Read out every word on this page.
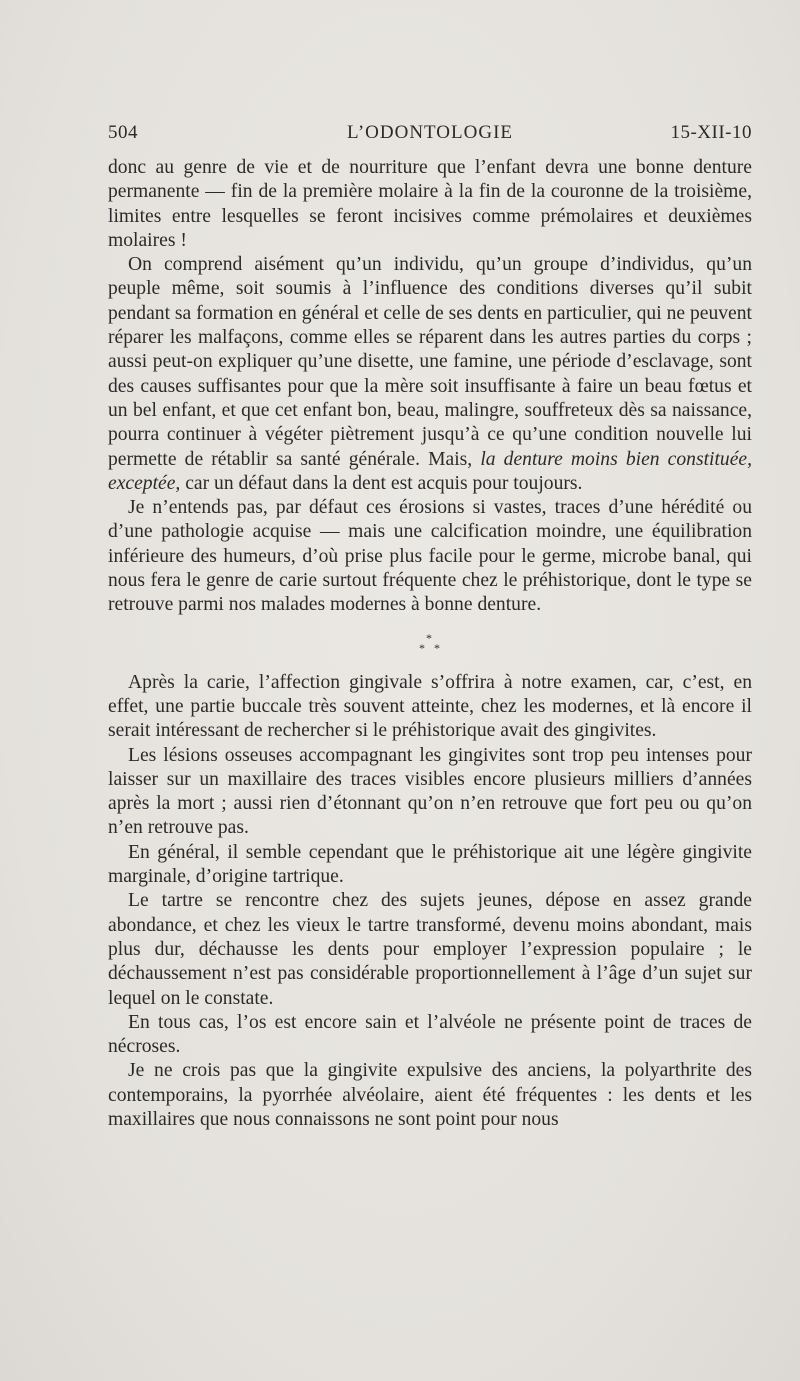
504	L’ODONTOLOGIE	15-XII-10

donc au genre de vie et de nourriture que l’enfant devra une bonne denture permanente — fin de la première molaire à la fin de la couronne de la troisième, limites entre lesquelles se feront incisives comme prémolaires et deuxièmes molaires !

On comprend aisément qu’un individu, qu’un groupe d’individus, qu’un peuple même, soit soumis à l’influence des conditions diverses qu’il subit pendant sa formation en général et celle de ses dents en particulier, qui ne peuvent réparer les malfaçons, comme elles se réparent dans les autres parties du corps ; aussi peut-on expliquer qu’une disette, une famine, une période d’esclavage, sont des causes suffisantes pour que la mère soit insuffisante à faire un beau fœtus et un bel enfant, et que cet enfant bon, beau, malingre, souffreteux dès sa naissance, pourra continuer à végéter piètrement jusqu’à ce qu’une condition nouvelle lui permette de rétablir sa santé générale. Mais, la denture moins bien constituée, exceptée, car un défaut dans la dent est acquis pour toujours.

Je n’entends pas, par défaut ces érosions si vastes, traces d’une hérédité ou d’une pathologie acquise — mais une calcification moindre, une équilibration inférieure des humeurs, d’où prise plus facile pour le germe, microbe banal, qui nous fera le genre de carie surtout fréquente chez le préhistorique, dont le type se retrouve parmi nos malades modernes à bonne denture.

*
* *

Après la carie, l’affection gingivale s’offrira à notre examen, car, c’est, en effet, une partie buccale très souvent atteinte, chez les modernes, et là encore il serait intéressant de rechercher si le préhistorique avait des gingivites.

Les lésions osseuses accompagnant les gingivites sont trop peu intenses pour laisser sur un maxillaire des traces visibles encore plusieurs milliers d’années après la mort ; aussi rien d’étonnant qu’on n’en retrouve que fort peu ou qu’on n’en retrouve pas.

En général, il semble cependant que le préhistorique ait une légère gingivite marginale, d’origine tartrique.

Le tartre se rencontre chez des sujets jeunes, dépose en assez grande abondance, et chez les vieux le tartre transformé, devenu moins abondant, mais plus dur, déchausse les dents pour employer l’expression populaire ; le déchaussement n’est pas considérable proportionnellement à l’âge d’un sujet sur lequel on le constate.

En tous cas, l’os est encore sain et l’alvéole ne présente point de traces de nécroses.

Je ne crois pas que la gingivite expulsive des anciens, la polyarthrite des contemporains, la pyorrhée alvéolaire, aient été fréquentes : les dents et les maxillaires que nous connaissons ne sont point pour nous
